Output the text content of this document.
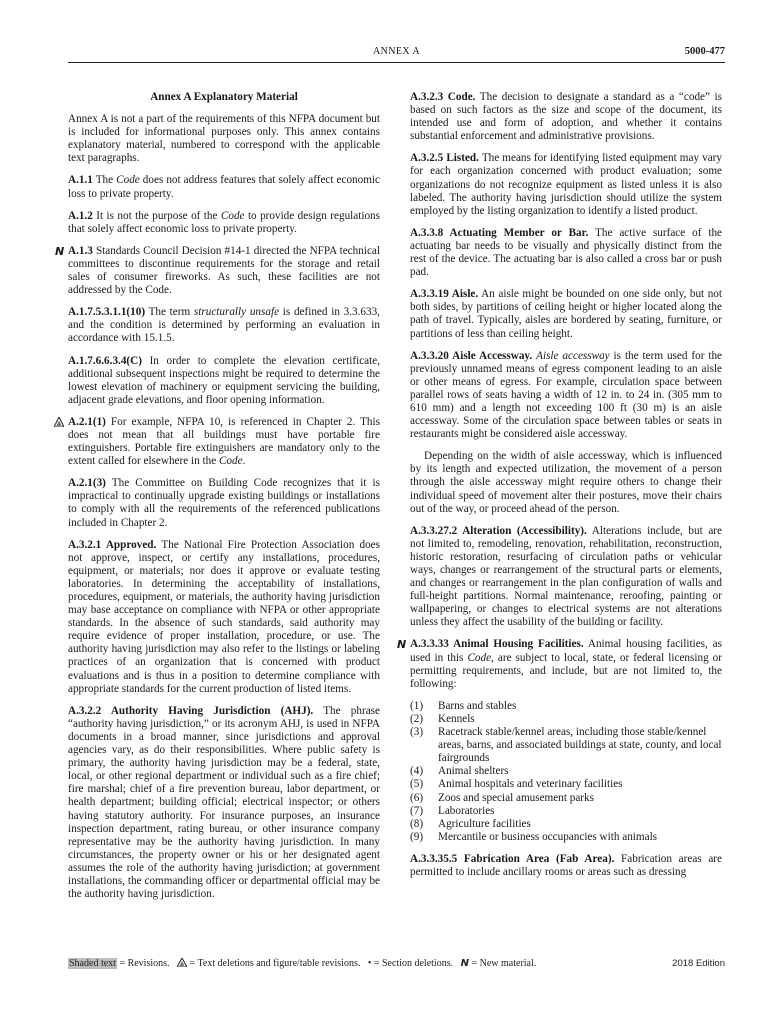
ANNEX A	5000-477
Annex A Explanatory Material

Annex A is not a part of the requirements of this NFPA document but is included for informational purposes only. This annex contains explanatory material, numbered to correspond with the applicable text paragraphs.

A.1.1 The Code does not address features that solely affect economic loss to private property.

A.1.2 It is not the purpose of the Code to provide design regulations that solely affect economic loss to private property.

N A.1.3 Standards Council Decision #14-1 directed the NFPA technical committees to discontinue requirements for the storage and retail sales of consumer fireworks. As such, these facilities are not addressed by the Code.

A.1.7.5.3.1.1(10) The term structurally unsafe is defined in 3.3.633, and the condition is determined by performing an evaluation in accordance with 15.1.5.

A.1.7.6.6.3.4(C) In order to complete the elevation certificate, additional subsequent inspections might be required to determine the lowest elevation of machinery or equipment servicing the building, adjacent grade elevations, and floor opening information.

A.2.1(1) For example, NFPA 10, is referenced in Chapter 2. This does not mean that all buildings must have portable fire extinguishers. Portable fire extinguishers are mandatory only to the extent called for elsewhere in the Code.

A.2.1(3) The Committee on Building Code recognizes that it is impractical to continually upgrade existing buildings or installations to comply with all the requirements of the referenced publications included in Chapter 2.

A.3.2.1 Approved. The National Fire Protection Association does not approve, inspect, or certify any installations, procedures, equipment, or materials; nor does it approve or evaluate testing laboratories. In determining the acceptability of installations, procedures, equipment, or materials, the authority having jurisdiction may base acceptance on compliance with NFPA or other appropriate standards. In the absence of such standards, said authority may require evidence of proper installation, procedure, or use. The authority having jurisdiction may also refer to the listings or labeling practices of an organization that is concerned with product evaluations and is thus in a position to determine compliance with appropriate standards for the current production of listed items.

A.3.2.2 Authority Having Jurisdiction (AHJ). The phrase “authority having jurisdiction,” or its acronym AHJ, is used in NFPA documents in a broad manner, since jurisdictions and approval agencies vary, as do their responsibilities. Where public safety is primary, the authority having jurisdiction may be a federal, state, local, or other regional department or individual such as a fire chief; fire marshal; chief of a fire prevention bureau, labor department, or health department; building official; electrical inspector; or others having statutory authority. For insurance purposes, an insurance inspection department, rating bureau, or other insurance company representative may be the authority having jurisdiction. In many circumstances, the property owner or his or her designated agent assumes the role of the authority having jurisdiction; at government installations, the commanding officer or departmental official may be the authority having jurisdiction.

A.3.2.3 Code. The decision to designate a standard as a “code” is based on such factors as the size and scope of the document, its intended use and form of adoption, and whether it contains substantial enforcement and administrative provisions.

A.3.2.5 Listed. The means for identifying listed equipment may vary for each organization concerned with product evaluation; some organizations do not recognize equipment as listed unless it is also labeled. The authority having jurisdiction should utilize the system employed by the listing organization to identify a listed product.

A.3.3.8 Actuating Member or Bar. The active surface of the actuating bar needs to be visually and physically distinct from the rest of the device. The actuating bar is also called a cross bar or push pad.

A.3.3.19 Aisle. An aisle might be bounded on one side only, but not both sides, by partitions of ceiling height or higher located along the path of travel. Typically, aisles are bordered by seating, furniture, or partitions of less than ceiling height.

A.3.3.20 Aisle Accessway. Aisle accessway is the term used for the previously unnamed means of egress component leading to an aisle or other means of egress. For example, circulation space between parallel rows of seats having a width of 12 in. to 24 in. (305 mm to 610 mm) and a length not exceeding 100 ft (30 m) is an aisle accessway. Some of the circulation space between tables or seats in restaurants might be considered aisle accessway.

Depending on the width of aisle accessway, which is influenced by its length and expected utilization, the movement of a person through the aisle accessway might require others to change their individual speed of movement alter their postures, move their chairs out of the way, or proceed ahead of the person.

A.3.3.27.2 Alteration (Accessibility). Alterations include, but are not limited to, remodeling, renovation, rehabilitation, reconstruction, historic restoration, resurfacing of circulation paths or vehicular ways, changes or rearrangement of the structural parts or elements, and changes or rearrangement in the plan configuration of walls and full-height partitions. Normal maintenance, reroofing, painting or wallpapering, or changes to electrical systems are not alterations unless they affect the usability of the building or facility.

N A.3.3.33 Animal Housing Facilities. Animal housing facilities, as used in this Code, are subject to local, state, or federal licensing or permitting requirements, and include, but are not limited to, the following:

(1) Barns and stables
(2) Kennels
(3) Racetrack stable/kennel areas, including those stable/kennel areas, barns, and associated buildings at state, county, and local fairgrounds
(4) Animal shelters
(5) Animal hospitals and veterinary facilities
(6) Zoos and special amusement parks
(7) Laboratories
(8) Agriculture facilities
(9) Mercantile or business occupancies with animals

A.3.3.35.5 Fabrication Area (Fab Area). Fabrication areas are permitted to include ancillary rooms or areas such as dressing

Shaded text = Revisions.    = Text deletions and figure/table revisions. • = Section deletions. N = New material.	2018 Edition
